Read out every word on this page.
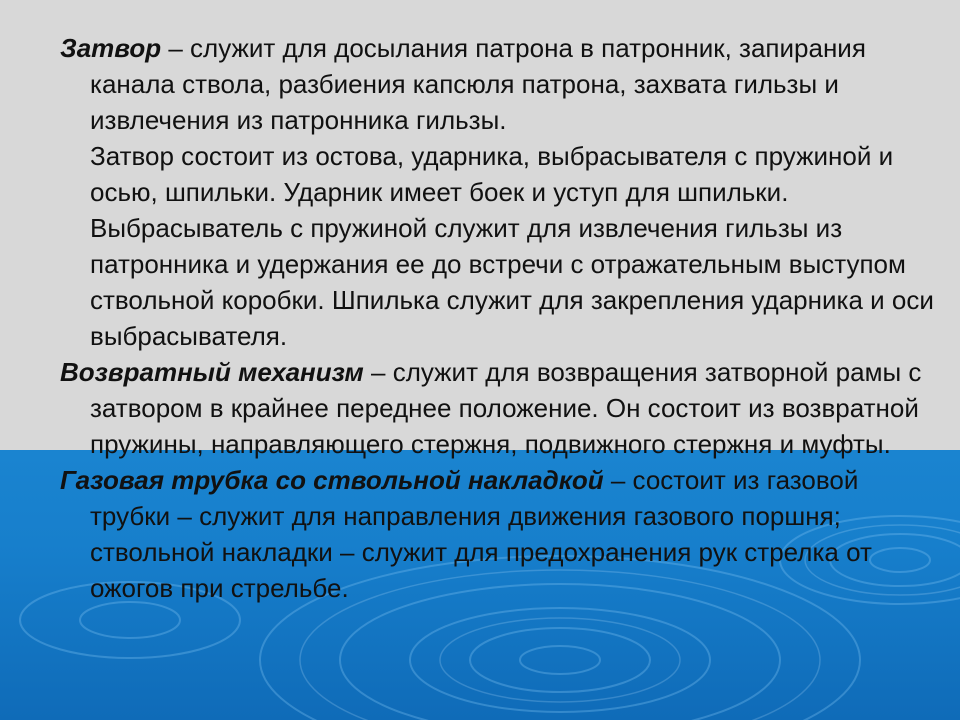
Затвор – служит для досылания патрона в патронник, запирания канала ствола, разбиения капсюля патрона, захвата гильзы и извлечения из патронника гильзы.

Затвор состоит из остова, ударника, выбрасывателя с пружиной и осью, шпильки. Ударник имеет боек и уступ для шпильки. Выбрасыватель с пружиной служит для извлечения гильзы из патронника и удержания ее до встречи с отражательным выступом ствольной коробки. Шпилька служит для закрепления ударника и оси выбрасывателя.

Возвратный механизм – служит для возвращения затворной рамы с затвором в крайнее переднее положение. Он состоит из возвратной пружины, направляющего стержня, подвижного стержня и муфты.

Газовая трубка со ствольной накладкой – состоит из газовой трубки – служит для направления движения газового поршня; ствольной накладки – служит для предохранения рук стрелка от ожогов при стрельбе.
